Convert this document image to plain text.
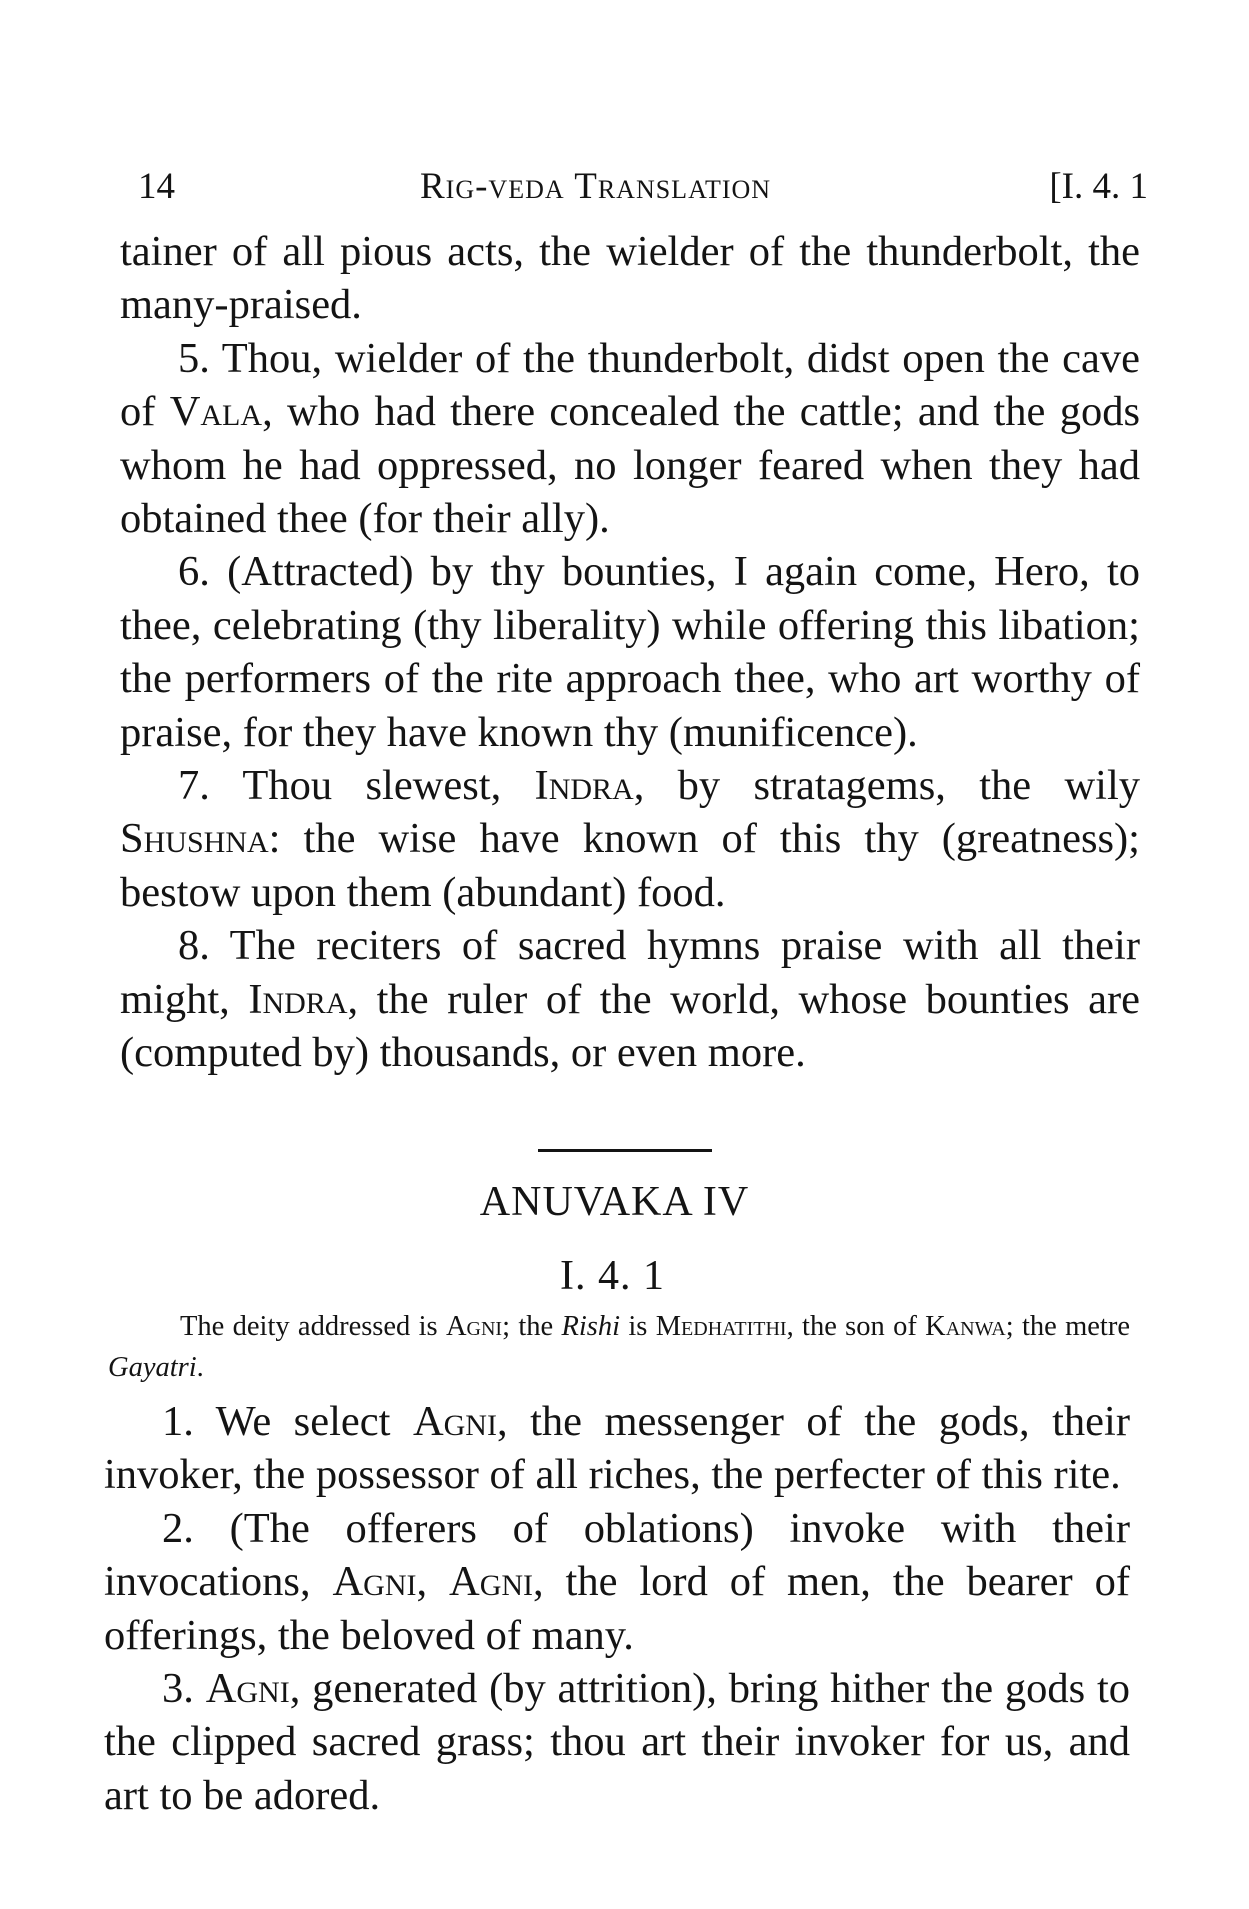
14	Rig-veda Translation	[I. 4. 1

tainer of all pious acts, the wielder of the thunderbolt, the many-praised.

5. Thou, wielder of the thunderbolt, didst open the cave of Vala, who had there concealed the cattle; and the gods whom he had oppressed, no longer feared when they had obtained thee (for their ally).

6. (Attracted) by thy bounties, I again come, Hero, to thee, celebrating (thy liberality) while offering this libation; the performers of the rite approach thee, who art worthy of praise, for they have known thy (munificence).

7. Thou slewest, Indra, by stratagems, the wily Shushna: the wise have known of this thy (greatness); bestow upon them (abundant) food.

8. The reciters of sacred hymns praise with all their might, Indra, the ruler of the world, whose bounties are (computed by) thousands, or even more.

ANUVAKA IV
I. 4. 1

The deity addressed is Agni; the Rishi is Medhatithi, the son of Kanwa; the metre Gayatri.

1. We select Agni, the messenger of the gods, their invoker, the possessor of all riches, the perfecter of this rite.

2. (The offerers of oblations) invoke with their invocations, Agni, Agni, the lord of men, the bearer of offerings, the beloved of many.

3. Agni, generated (by attrition), bring hither the gods to the clipped sacred grass; thou art their invoker for us, and art to be adored.
